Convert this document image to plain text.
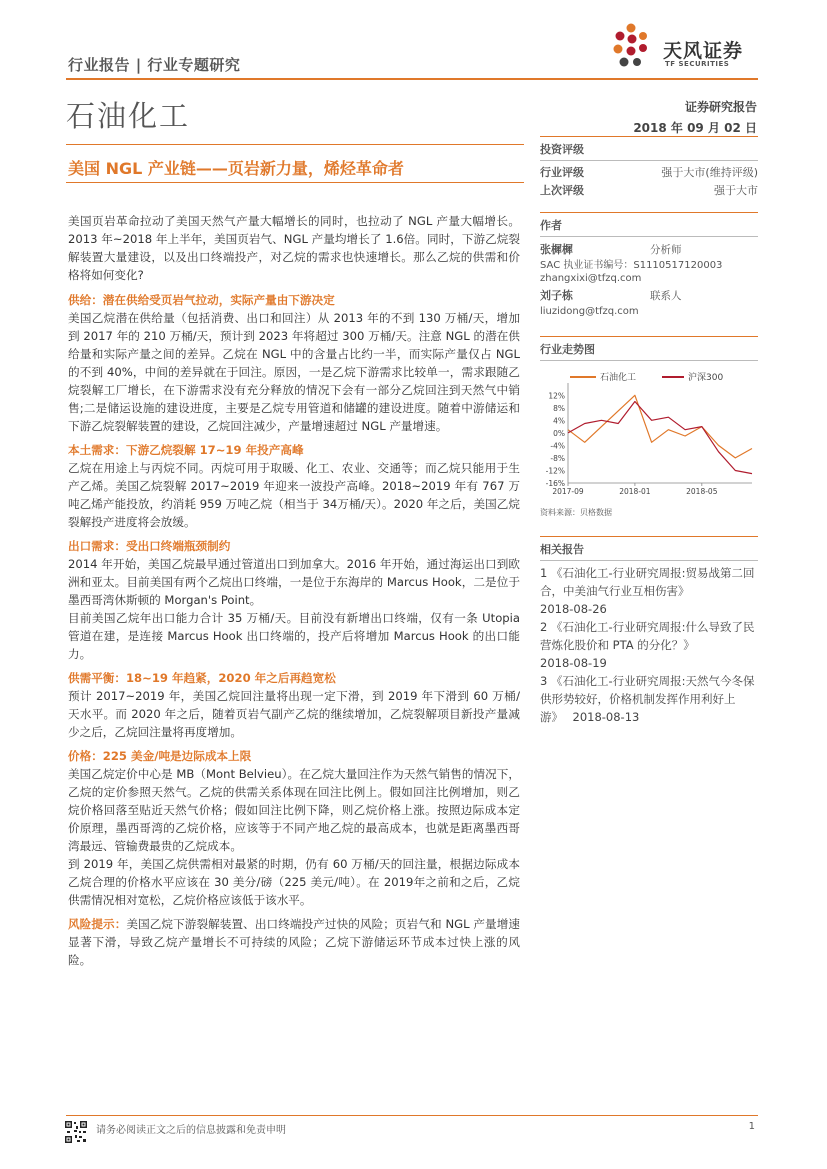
行业报告 | 行业专题研究
天风证券
TF SECURITIES
石油化工	证券研究报告
2018 年 09 月 02 日
美国 NGL 产业链——页岩新力量，烯烃革命者

美国页岩革命拉动了美国天然气产量大幅增长的同时，也拉动了 NGL 产量大幅增长。2013 年~2018 年上半年，美国页岩气、NGL 产量均增长了 1.6倍。同时，下游乙烷裂解装置大量建设，以及出口终端投产，对乙烷的需求也快速增长。那么乙烷的供需和价格将如何变化?

供给：潜在供给受页岩气拉动，实际产量由下游决定

美国乙烷潜在供给量（包括消费、出口和回注）从 2013 年的不到 130 万桶/天，增加到 2017 年的 210 万桶/天，预计到 2023 年将超过 300 万桶/天。注意 NGL 的潜在供给量和实际产量之间的差异。乙烷在 NGL 中的含量占比约一半，而实际产量仅占 NGL 的不到 40%，中间的差异就在于回注。原因，一是乙烷下游需求比较单一，需求跟随乙烷裂解工厂增长，在下游需求没有充分释放的情况下会有一部分乙烷回注到天然气中销售;二是储运设施的建设进度，主要是乙烷专用管道和储罐的建设进度。随着中游储运和下游乙烷裂解装置的建设，乙烷回注减少，产量增速超过 NGL 产量增速。

本土需求：下游乙烷裂解 17~19 年投产高峰

乙烷在用途上与丙烷不同。丙烷可用于取暖、化工、农业、交通等；而乙烷只能用于生产乙烯。美国乙烷裂解 2017~2019 年迎来一波投产高峰。2018~2019 年有 767 万吨乙烯产能投放，约消耗 959 万吨乙烷（相当于 34万桶/天）。2020 年之后，美国乙烷裂解投产进度将会放缓。

出口需求：受出口终端瓶颈制约

2014 年开始，美国乙烷最早通过管道出口到加拿大。2016 年开始，通过海运出口到欧洲和亚太。目前美国有两个乙烷出口终端，一是位于东海岸的 Marcus Hook，二是位于墨西哥湾休斯顿的 Morgan's Point。

目前美国乙烷年出口能力合计 35 万桶/天。目前没有新增出口终端，仅有一条 Utopia 管道在建，是连接 Marcus Hook 出口终端的，投产后将增加 Marcus Hook 的出口能力。

供需平衡：18~19 年趋紧，2020 年之后再趋宽松

预计 2017~2019 年，美国乙烷回注量将出现一定下滑，到 2019 年下滑到 60 万桶/天水平。而 2020 年之后，随着页岩气副产乙烷的继续增加，乙烷裂解项目新投产量减少之后，乙烷回注量将再度增加。

价格：225 美金/吨是边际成本上限

美国乙烷定价中心是 MB（Mont Belvieu）。在乙烷大量回注作为天然气销售的情况下，乙烷的定价参照天然气。乙烷的供需关系体现在回注比例上。假如回注比例增加，则乙烷价格回落至贴近天然气价格；假如回注比例下降，则乙烷价格上涨。按照边际成本定价原理，墨西哥湾的乙烷价格，应该等于不同产地乙烷的最高成本，也就是距离墨西哥湾最远、管输费最贵的乙烷成本。

到 2019 年，美国乙烷供需相对最紧的时期，仍有 60 万桶/天的回注量，根据边际成本乙烷合理的价格水平应该在 30 美分/磅（225 美元/吨）。在 2019年之前和之后，乙烷供需情况相对宽松，乙烷价格应该低于该水平。

风险提示：美国乙烷下游裂解装置、出口终端投产过快的风险；页岩气和 NGL 产量增速显著下滑，导致乙烷产量增长不可持续的风险；乙烷下游储运环节成本过快上涨的风险。

投资评级
行业评级	强于大市(维持评级)
上次评级	强于大市
作者
张樨樨	分析师
SAC 执业证书编号：S1110517120003
zhangxixi@tfzq.com
刘子栋	联系人
liuzidong@tfzq.com
行业走势图
石油化工	沪深300
12%
8%
4%
0%
-4%
-8%
-12%
-16%
2017-09	2018-01	2018-05
资料来源：贝格数据
相关报告
1 《石油化工-行业研究周报:贸易战第二回合，中美油气行业互相伤害》
2018-08-26
2 《石油化工-行业研究周报:什么导致了民营炼化股价和 PTA 的分化？》
2018-08-19
3 《石油化工-行业研究周报:天然气今冬保供形势较好，价格机制发挥作用利好上游》 2018-08-13
请务必阅读正文之后的信息披露和免责申明	1
